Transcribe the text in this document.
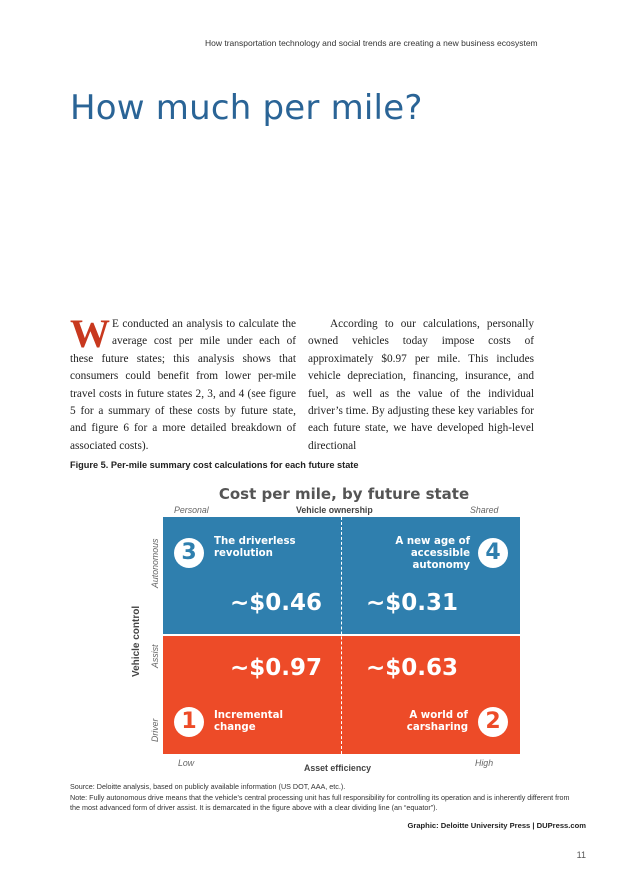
How transportation technology and social trends are creating a new business ecosystem
How much per mile?
W E conducted an analysis to calculate the average cost per mile under each of these future states; this analysis shows that consumers could benefit from lower per-mile travel costs in future states 2, 3, and 4 (see figure 5 for a summary of these costs by future state, and figure 6 for a more detailed breakdown of associated costs).

According to our calculations, personally owned vehicles today impose costs of approximately $0.97 per mile. This includes vehicle depreciation, financing, insurance, and fuel, as well as the value of the individual driver’s time. By adjusting these key variables for each future state, we have developed high-level directional

Figure 5. Per-mile summary cost calculations for each future state
Cost per mile, by future state
Personal	Vehicle ownership	Shared
Vehicle control
Autonomous
Assist
Driver
3	The driverless revolution
~$0.46
4
A new age of accessible autonomy
~$0.31
~$0.97
1	Incremental change
~$0.63
2
A world of carsharing
Low	Asset efficiency	High
Source: Deloitte analysis, based on publicly available information (US DOT, AAA, etc.).
Note: Fully autonomous drive means that the vehicle’s central processing unit has full responsibility for controlling its operation and is inherently different from the most advanced form of driver assist. It is demarcated in the figure above with a clear dividing line (an “equator”).
Graphic: Deloitte University Press | DUPress.com
11
